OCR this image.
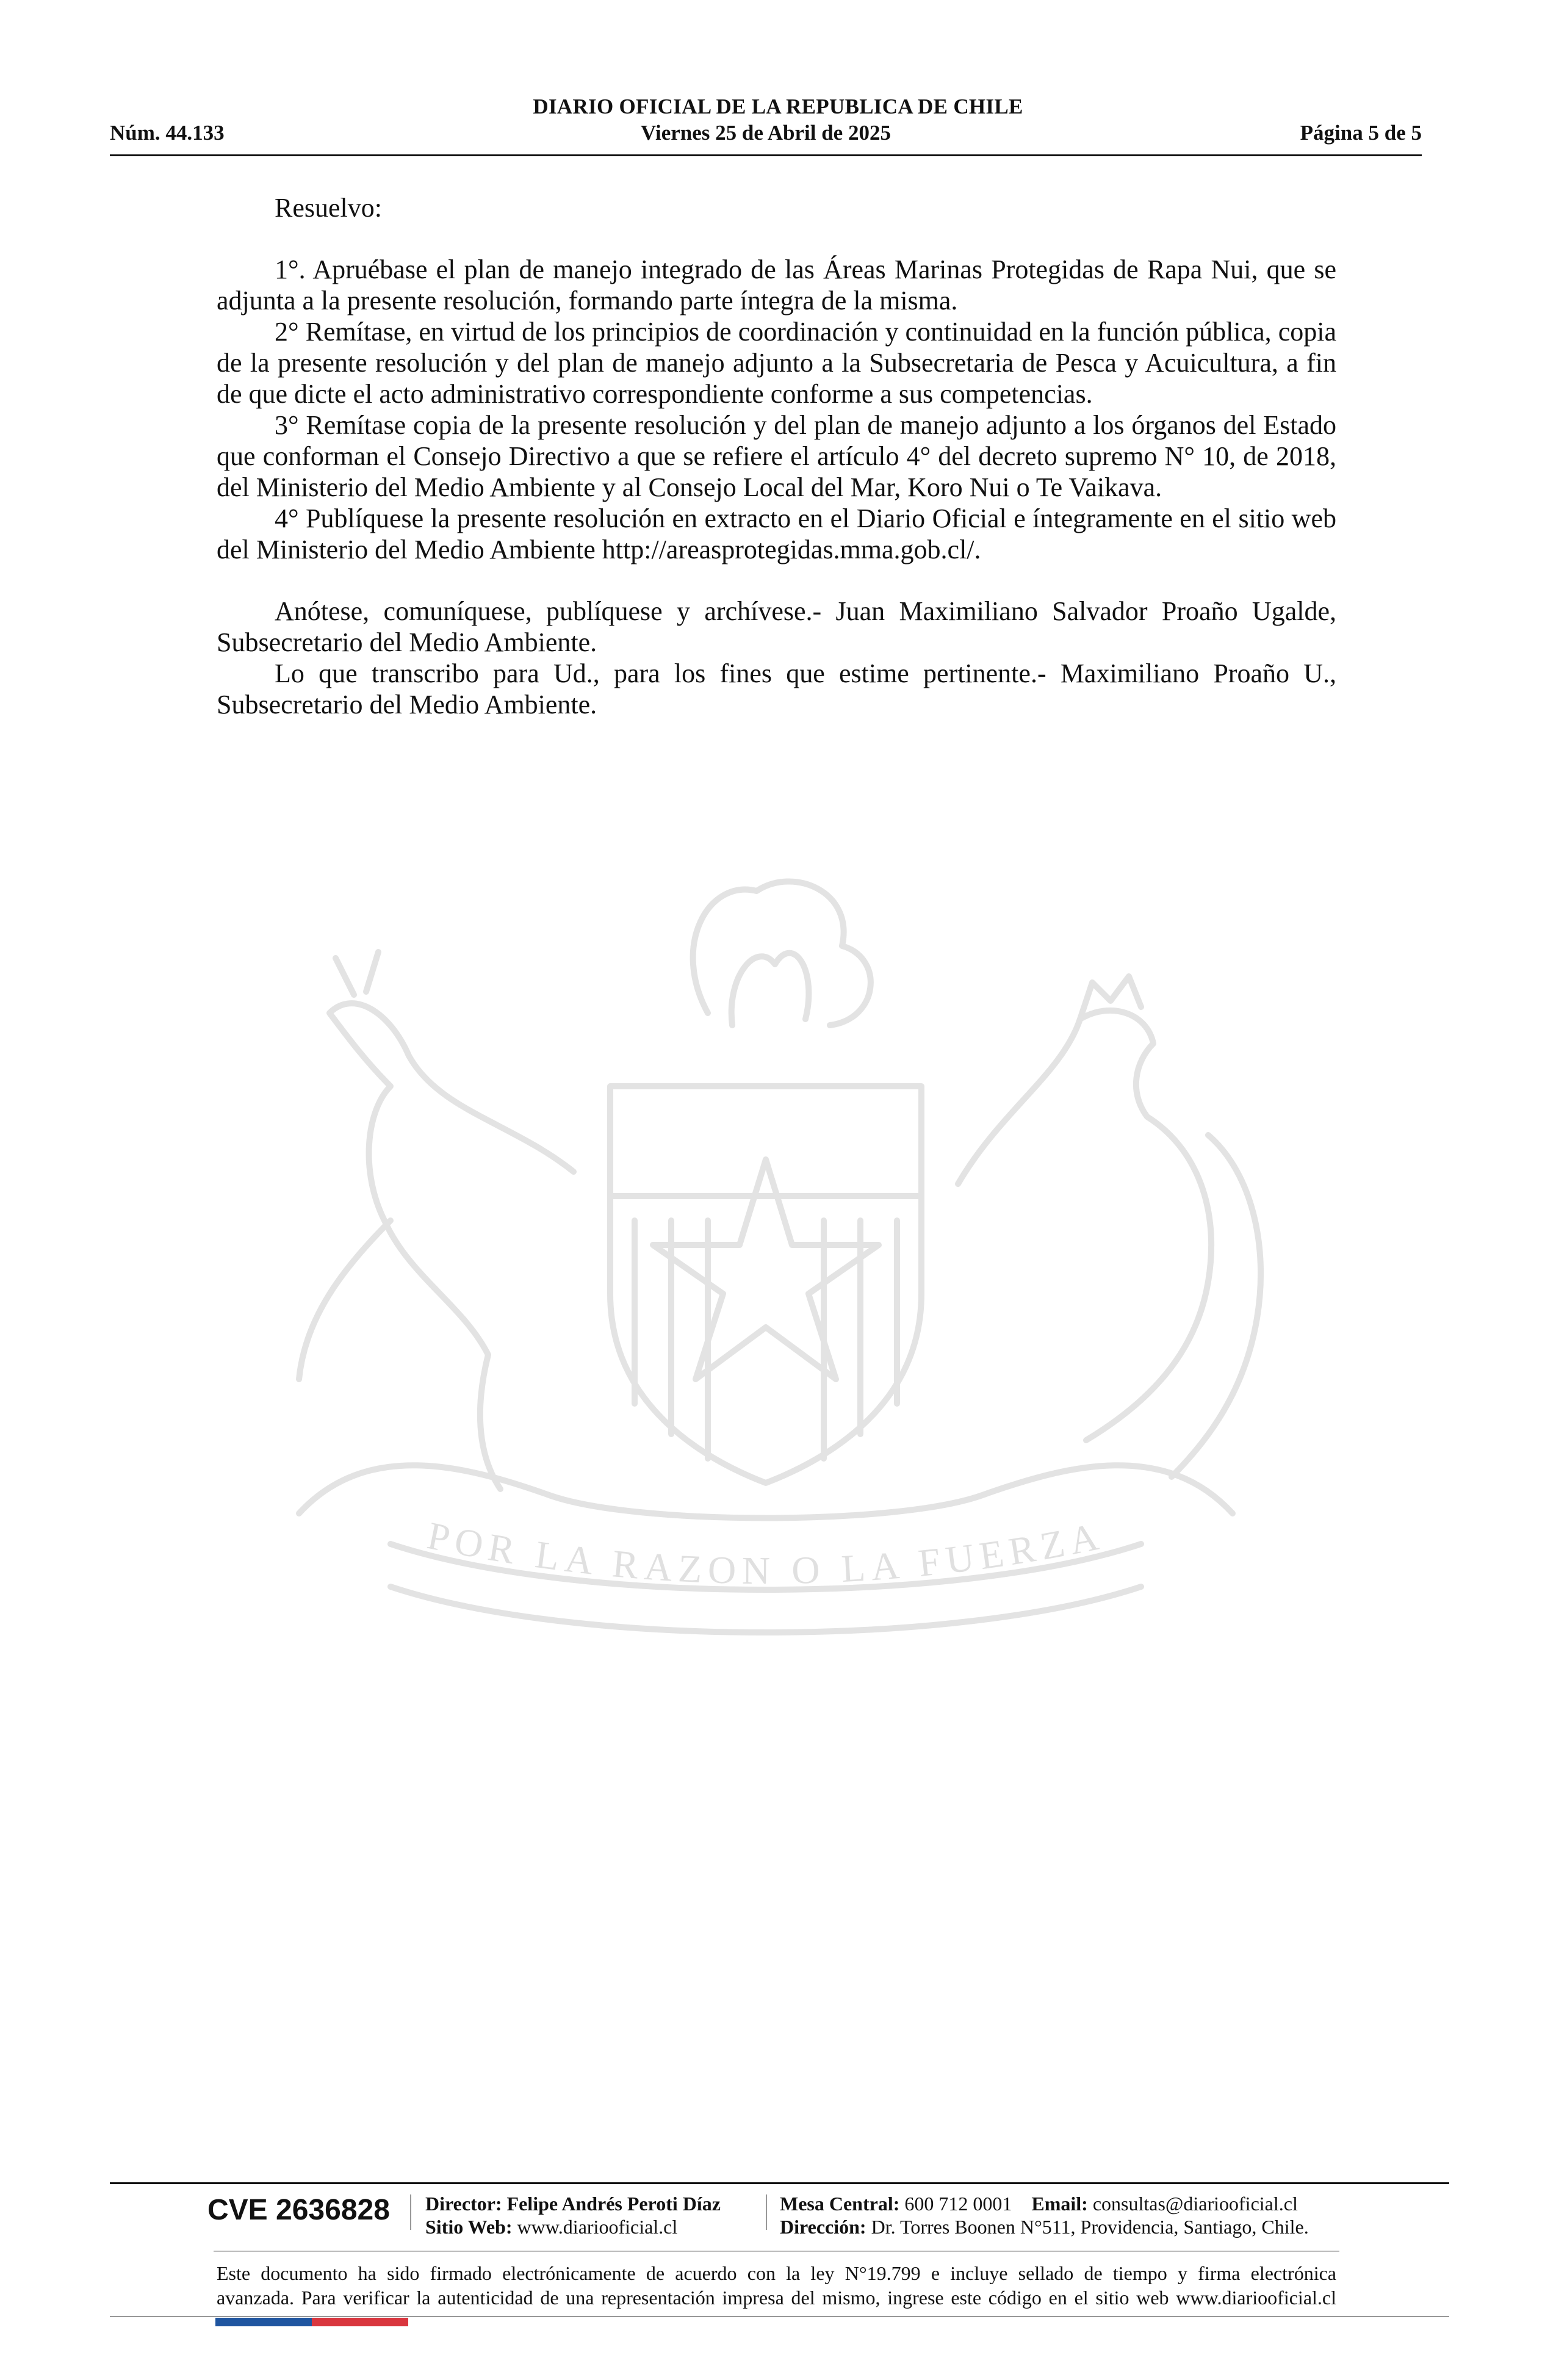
DIARIO OFICIAL DE LA REPUBLICA DE CHILE
Núm. 44.133	Viernes 25 de Abril de 2025	Página 5 de 5
POR LA RAZON O LA FUERZA

Resuelvo:

1°. Apruébase el plan de manejo integrado de las Áreas Marinas Protegidas de Rapa Nui, que se adjunta a la presente resolución, formando parte íntegra de la misma.

2° Remítase, en virtud de los principios de coordinación y continuidad en la función pública, copia de la presente resolución y del plan de manejo adjunto a la Subsecretaria de Pesca y Acuicultura, a fin de que dicte el acto administrativo correspondiente conforme a sus competencias.

3° Remítase copia de la presente resolución y del plan de manejo adjunto a los órganos del Estado que conforman el Consejo Directivo a que se refiere el artículo 4° del decreto supremo N° 10, de 2018, del Ministerio del Medio Ambiente y al Consejo Local del Mar, Koro Nui o Te Vaikava.

4° Publíquese la presente resolución en extracto en el Diario Oficial e íntegramente en el sitio web del Ministerio del Medio Ambiente http://areasprotegidas.mma.gob.cl/.

Anótese, comuníquese, publíquese y archívese.- Juan Maximiliano Salvador Proaño Ugalde, Subsecretario del Medio Ambiente.

Lo que transcribo para Ud., para los fines que estime pertinente.- Maximiliano Proaño U., Subsecretario del Medio Ambiente.

CVE 2636828 Director: Felipe Andrés Peroti Díaz
Sitio Web: www.diariooficial.cl
Mesa Central: 600 712 0001 Email: consultas@diariooficial.cl
Dirección: Dr. Torres Boonen N°511, Providencia, Santiago, Chile.
Este documento ha sido firmado electrónicamente de acuerdo con la ley N°19.799 e incluye sellado de tiempo y firma electrónica
avanzada. Para verificar la autenticidad de una representación impresa del mismo, ingrese este código en el sitio web www.diariooficial.cl
